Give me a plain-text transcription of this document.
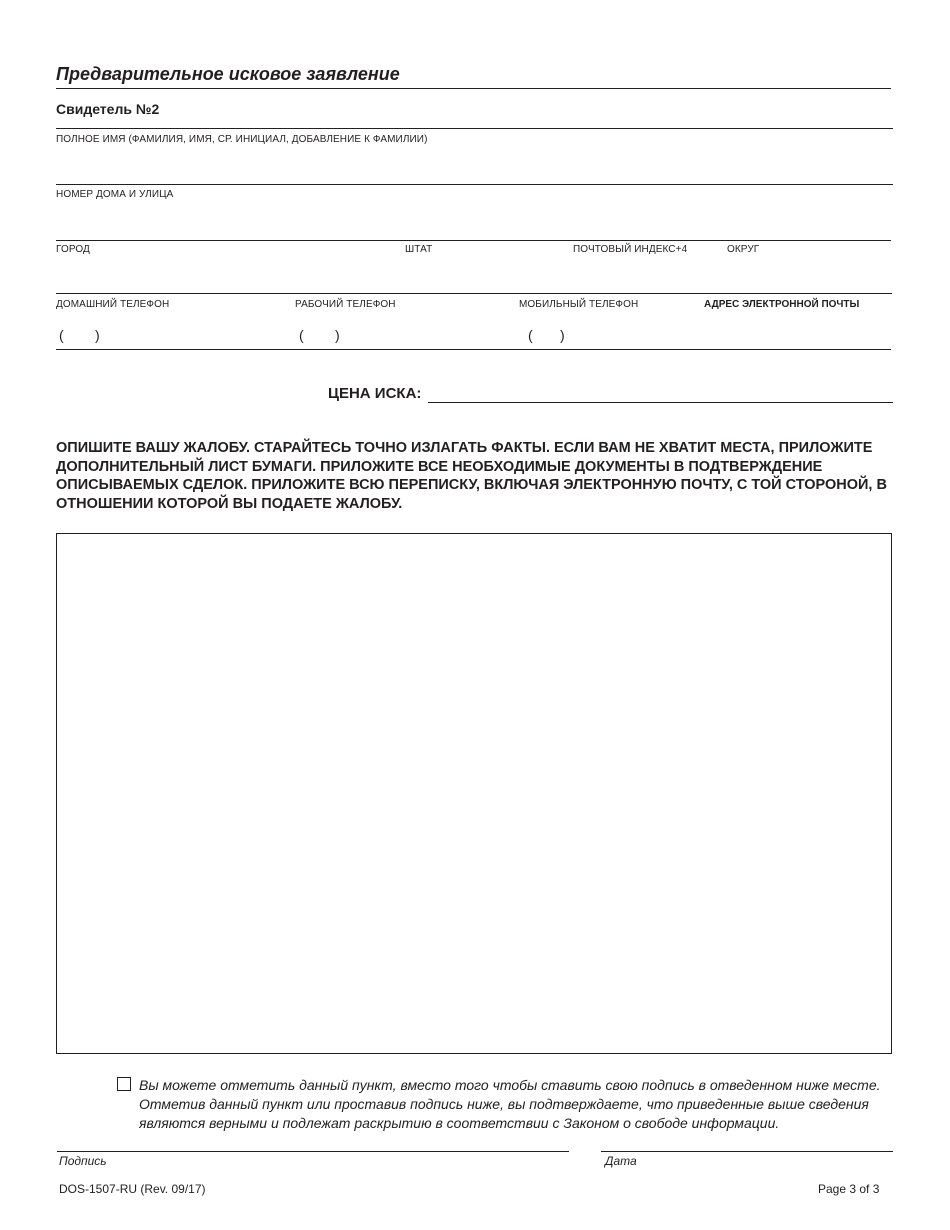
Предварительное исковое заявление
Свидетель №2
ПОЛНОЕ ИМЯ (ФАМИЛИЯ, ИМЯ, СР. ИНИЦИАЛ, ДОБАВЛЕНИЕ К ФАМИЛИИ)
НОМЕР ДОМА И УЛИЦА
ГОРОД	ШТАТ	ПОЧТОВЫЙ ИНДЕКС+4	ОКРУГ
ДОМАШНИЙ ТЕЛЕФОН	РАБОЧИЙ ТЕЛЕФОН	МОБИЛЬНЫЙ ТЕЛЕФОН	АДРЕС ЭЛЕКТРОННОЙ ПОЧТЫ
( )	( )	( )
ЦЕНА ИСКА:
ОПИШИТЕ ВАШУ ЖАЛОБУ. СТАРАЙТЕСЬ ТОЧНО ИЗЛАГАТЬ ФАКТЫ. ЕСЛИ ВАМ НЕ ХВАТИТ МЕСТА, ПРИЛОЖИТЕ ДОПОЛНИТЕЛЬНЫЙ ЛИСТ БУМАГИ. ПРИЛОЖИТЕ ВСЕ НЕОБХОДИМЫЕ ДОКУМЕНТЫ В ПОДТВЕРЖДЕНИЕ ОПИСЫВАЕМЫХ СДЕЛОК. ПРИЛОЖИТЕ ВСЮ ПЕРЕПИСКУ, ВКЛЮЧАЯ ЭЛЕКТРОННУЮ ПОЧТУ, С ТОЙ СТОРОНОЙ, В ОТНОШЕНИИ КОТОРОЙ ВЫ ПОДАЕТЕ ЖАЛОБУ.
Вы можете отметить данный пункт, вместо того чтобы ставить свою подпись в отведенном ниже месте. Отметив данный пункт или проставив подпись ниже, вы подтверждаете, что приведенные выше сведения являются верными и подлежат раскрытию в соответствии с Законом о свободе информации.
Подпись	Дата
DOS-1507-RU (Rev. 09/17)	Page 3 of 3
